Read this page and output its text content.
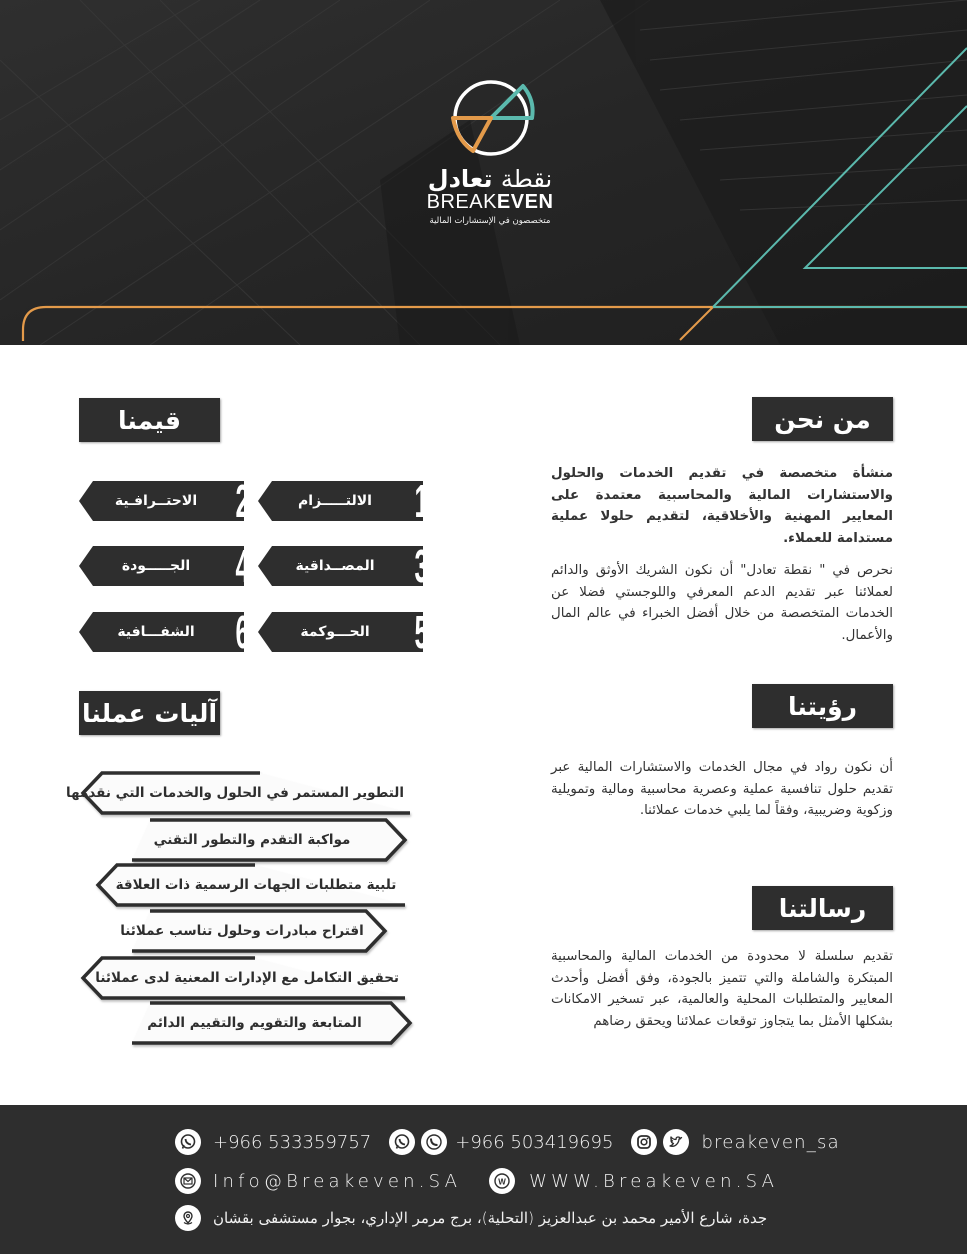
نقطة تعادل
BREAKEVEN
متخصصون في الإستشارات المالية
من نحن
منشأة متخصصة في تقديم الخدمات والحلول والاستشارات المالية والمحاسبية معتمدة على المعايير المهنية والأخلاقية، لتقديم حلولا عملية مستدامة للعملاء.
نحرص في " نقطة تعادل" أن نكون الشريك الأوثق والدائم لعملائنا عبر تقديم الدعم المعرفي واللوجستي فضلا عن الخدمات المتخصصة من خلال أفضل الخبراء في عالم المال والأعمال.
رؤيتنا
أن نكون رواد في مجال الخدمات والاستشارات المالية عبر تقديم حلول تنافسية عملية وعصرية محاسبية ومالية وتمويلية وزكوية وضريبية، وفقاً لما يلبي خدمات عملائنا.
رسالتنا
تقديم سلسلة لا محدودة من الخدمات المالية والمحاسبية المبتكرة والشاملة والتي تتميز بالجودة، وفق أفضل وأحدث المعايير والمتطلبات المحلية والعالمية، عبر تسخير الامكانات بشكلها الأمثل بما يتجاوز توقعات عملائنا ويحقق رضاهم
قيمنا
الالتـــــزام 1
الاحتــرافـية 2
المصــداقية 3
الجـــــودة 4
الحـــوكمة 5
الشفـــافية 6
آليات عملنا
التطوير المستمر في الحلول والخدمات التي نقدمها
مواكبة التقدم والتطور التقني
تلبية متطلبات الجهات الرسمية ذات العلاقة
اقتراح مبادرات وحلول تناسب عملائنا
تحقيق التكامل مع الإدارات المعنية لدى عملائنا
المتابعة والتقويم والتقييم الدائم
+966 533359757	+966 503419695	breakeven_sa
Info@Breakeven.SA	W WWW.Breakeven.SA
جدة، شارع الأمير محمد بن عبدالعزيز (التحلية)، برج مرمر الإداري، بجوار مستشفى بقشان
